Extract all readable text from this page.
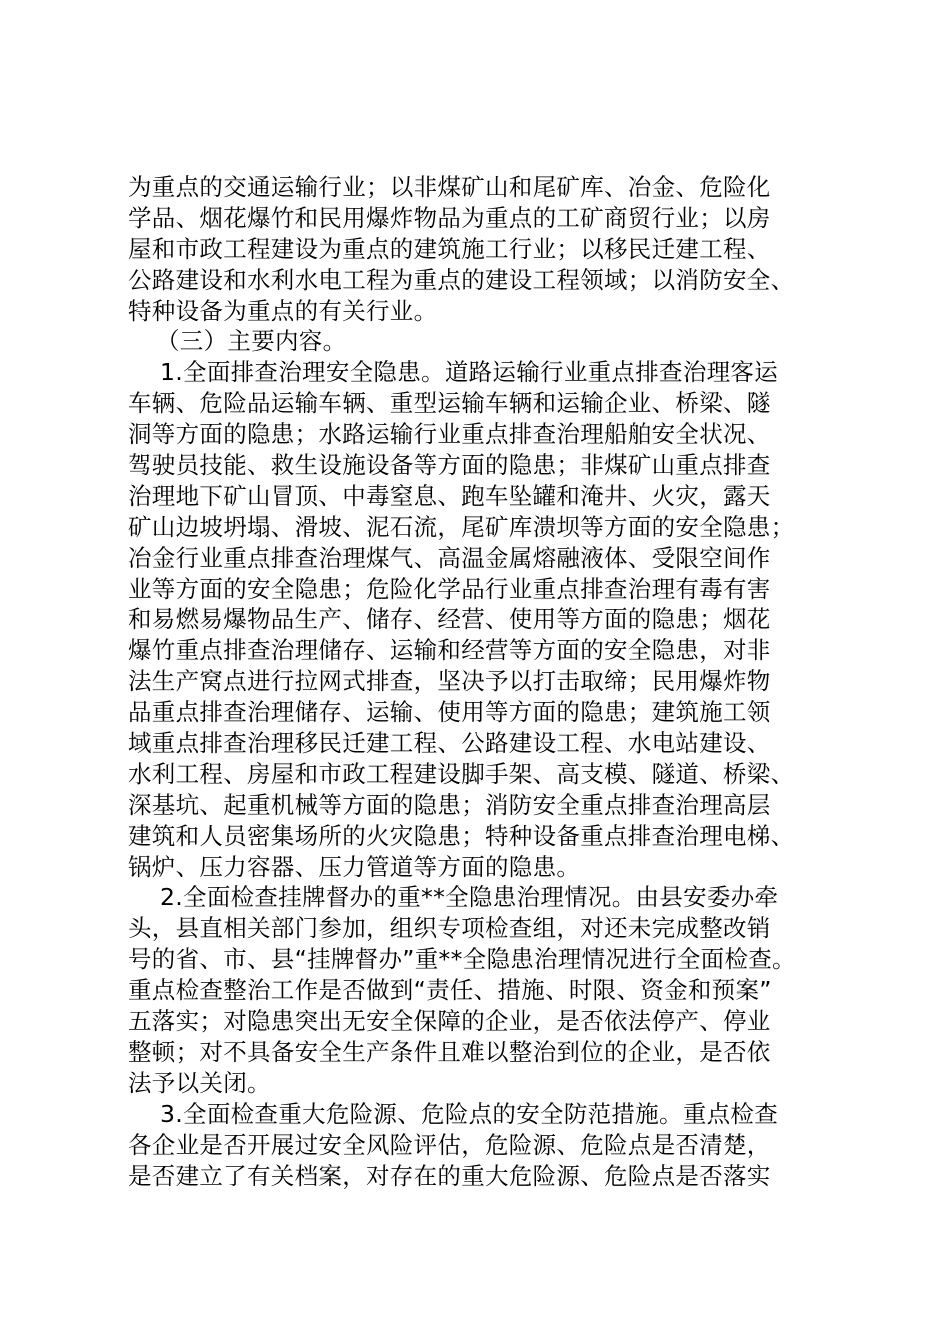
为重点的交通运输行业；以非煤矿山和尾矿库、冶金、危险化
学品、烟花爆竹和民用爆炸物品为重点的工矿商贸行业；以房
屋和市政工程建设为重点的建筑施工行业；以移民迁建工程、
公路建设和水利水电工程为重点的建设工程领域；以消防安全、
特种设备为重点的有关行业。
（三）主要内容。
1.全面排查治理安全隐患。道路运输行业重点排查治理客运
车辆、危险品运输车辆、重型运输车辆和运输企业、桥梁、隧
洞等方面的隐患；水路运输行业重点排查治理船舶安全状况、
驾驶员技能、救生设施设备等方面的隐患；非煤矿山重点排查
治理地下矿山冒顶、中毒窒息、跑车坠罐和淹井、火灾，露天
矿山边坡坍塌、滑坡、泥石流，尾矿库溃坝等方面的安全隐患；
冶金行业重点排查治理煤气、高温金属熔融液体、受限空间作
业等方面的安全隐患；危险化学品行业重点排查治理有毒有害
和易燃易爆物品生产、储存、经营、使用等方面的隐患；烟花
爆竹重点排查治理储存、运输和经营等方面的安全隐患，对非
法生产窝点进行拉网式排查，坚决予以打击取缔；民用爆炸物
品重点排查治理储存、运输、使用等方面的隐患；建筑施工领
域重点排查治理移民迁建工程、公路建设工程、水电站建设、
水利工程、房屋和市政工程建设脚手架、高支模、隧道、桥梁、
深基坑、起重机械等方面的隐患；消防安全重点排查治理高层
建筑和人员密集场所的火灾隐患；特种设备重点排查治理电梯、
锅炉、压力容器、压力管道等方面的隐患。
2.全面检查挂牌督办的重**全隐患治理情况。由县安委办牵
头，县直相关部门参加，组织专项检查组，对还未完成整改销
号的省、市、县“挂牌督办”重**全隐患治理情况进行全面检查。
重点检查整治工作是否做到“责任、措施、时限、资金和预案”
五落实；对隐患突出无安全保障的企业，是否依法停产、停业
整顿；对不具备安全生产条件且难以整治到位的企业，是否依
法予以关闭。
3.全面检查重大危险源、危险点的安全防范措施。重点检查
各企业是否开展过安全风险评估，危险源、危险点是否清楚，
是否建立了有关档案，对存在的重大危险源、危险点是否落实
